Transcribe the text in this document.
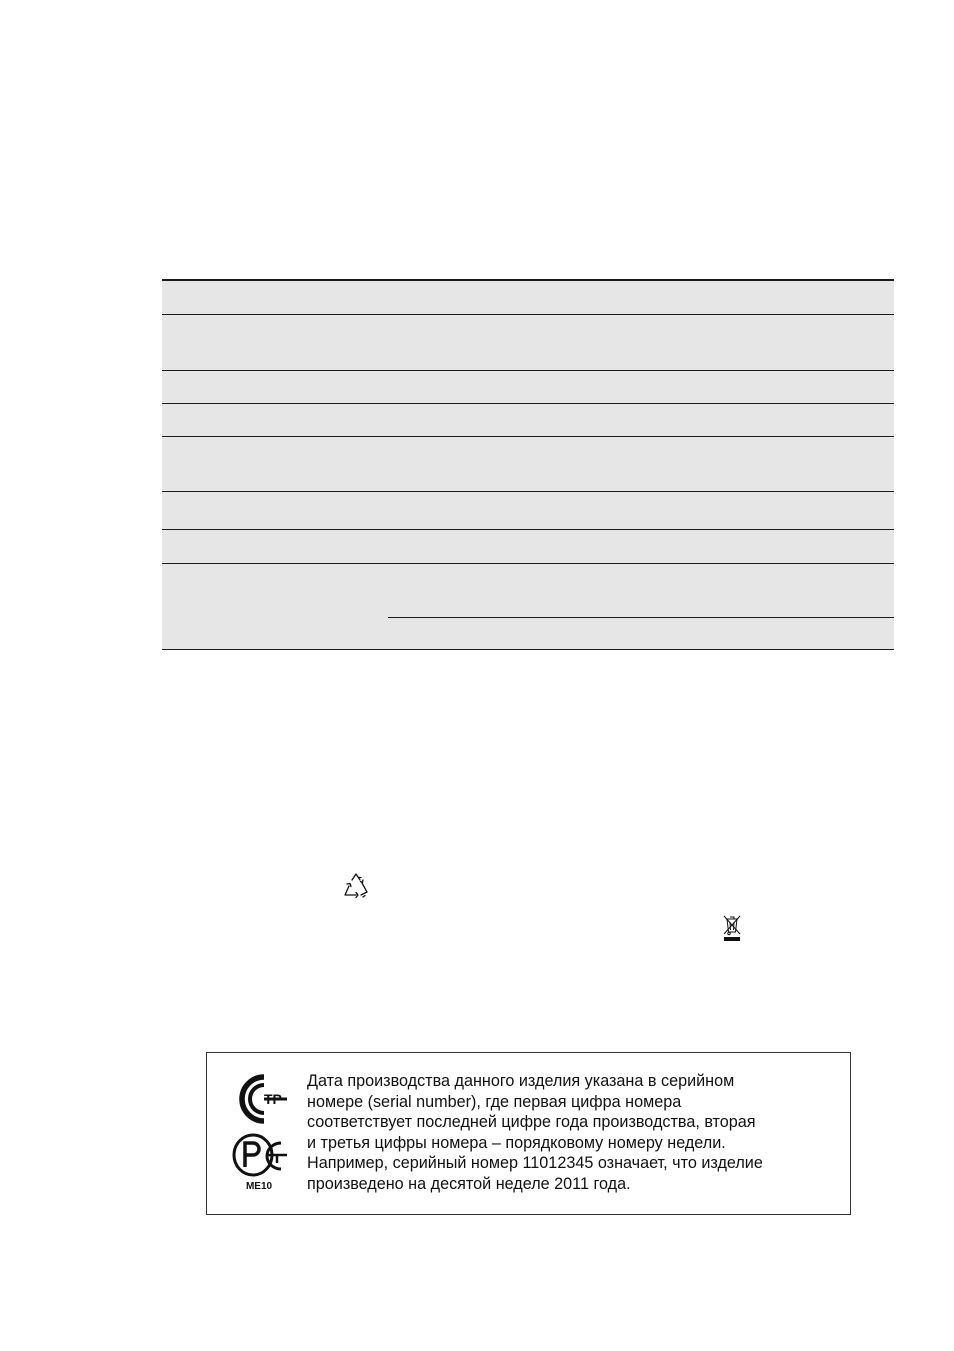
ТР
ME10
Дата производства данного изделия указана в серийном
номере (serial number), где первая цифра номера
соответствует последней цифре года производства, вторая
и третья цифры номера – порядковому номеру недели.
Например, серийный номер 11012345 означает, что изделие
произведено на десятой неделе 2011 года.
